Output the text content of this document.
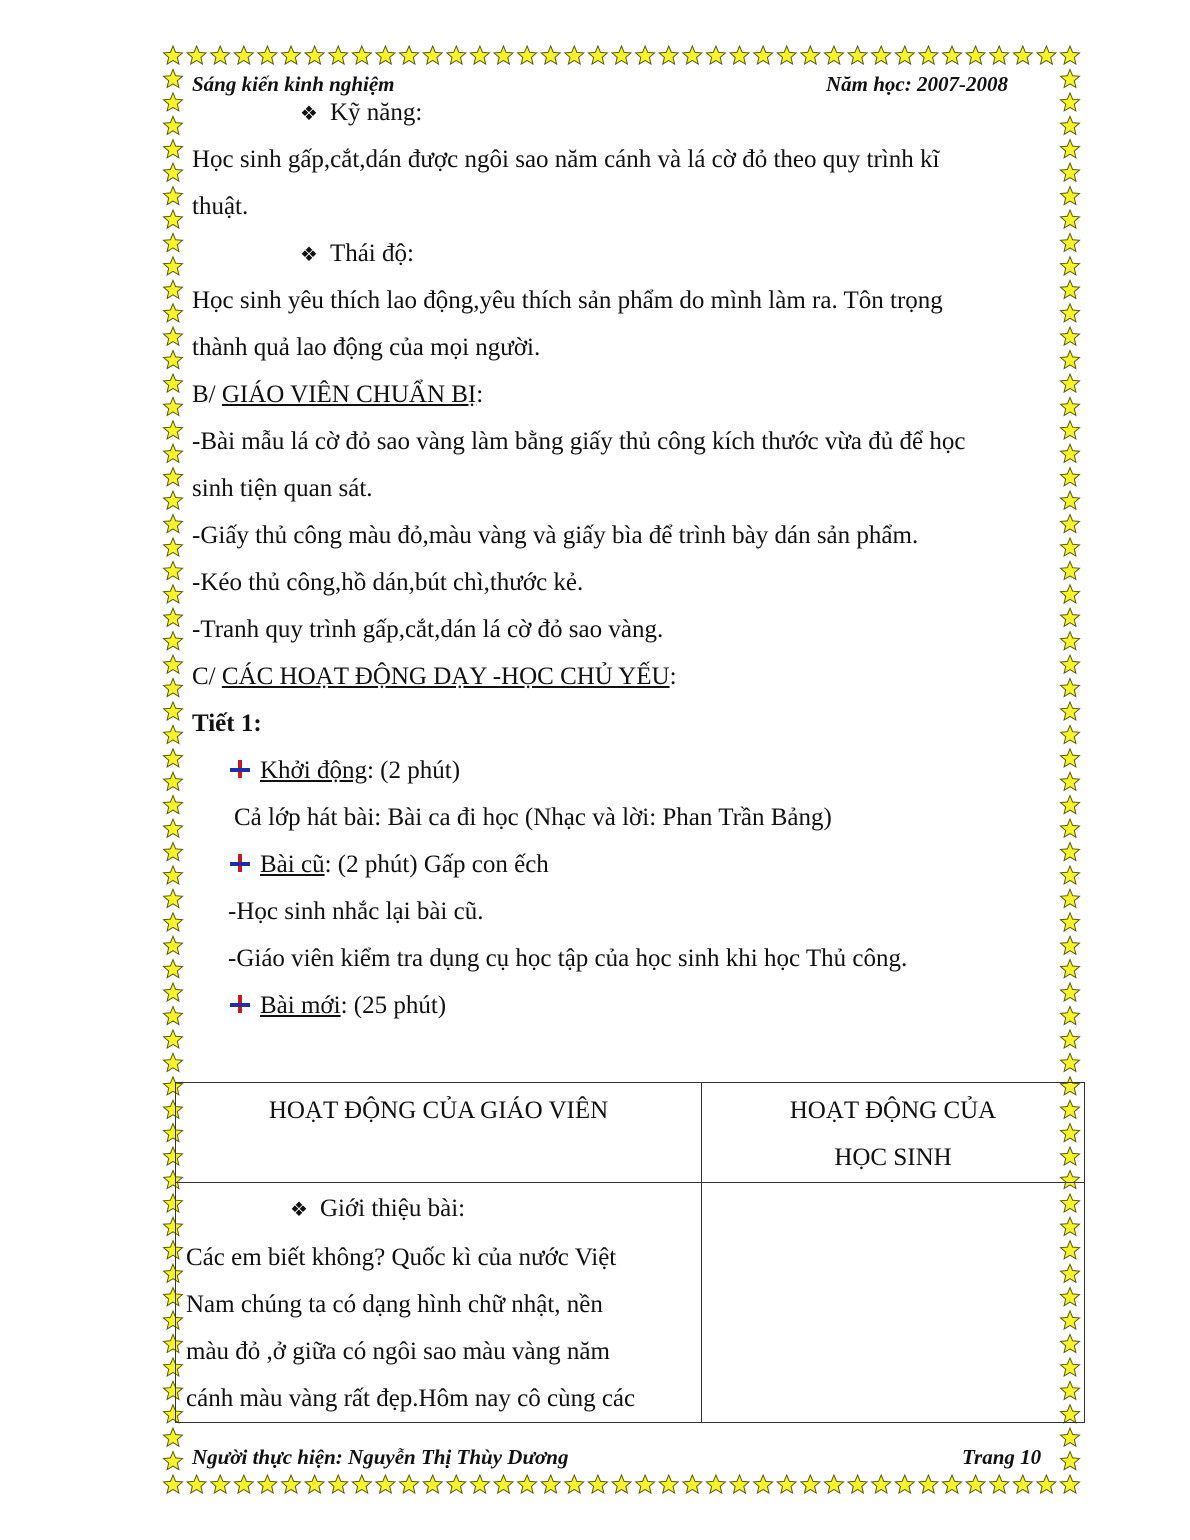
Sáng kiến kinh nghiệm	Năm học: 2007-2008
❖ Kỹ năng:
Học sinh gấp,cắt,dán được ngôi sao năm cánh và lá cờ đỏ theo quy trình kĩ
thuật.
❖ Thái độ:
Học sinh yêu thích lao động,yêu thích sản phẩm do mình làm ra. Tôn trọng
thành quả lao động của mọi người.
B/ GIÁO VIÊN CHUẨN BỊ:
-Bài mẫu lá cờ đỏ sao vàng làm bằng giấy thủ công kích thước vừa đủ để học
sinh tiện quan sát.
-Giấy thủ công màu đỏ,màu vàng và giấy bìa để trình bày dán sản phẩm.
-Kéo thủ công,hồ dán,bút chì,thước kẻ.
-Tranh quy trình gấp,cắt,dán lá cờ đỏ sao vàng.
C/ CÁC HOẠT ĐỘNG DẠY -HỌC CHỦ YẾU:
Tiết 1:
Khởi động: (2 phút)
Cả lớp hát bài: Bài ca đi học (Nhạc và lời: Phan Trần Bảng)
Bài cũ: (2 phút) Gấp con ếch
-Học sinh nhắc lại bài cũ.
-Giáo viên kiểm tra dụng cụ học tập của học sinh khi học Thủ công.
Bài mới: (25 phút)
HOẠT ĐỘNG CỦA GIÁO VIÊN	HOẠT ĐỘNG CỦA
HỌC SINH

❖ Giới thiệu bài:
Các em biết không? Quốc kì của nước Việt
Nam chúng ta có dạng hình chữ nhật, nền
màu đỏ ,ở giữa có ngôi sao màu vàng năm
cánh màu vàng rất đẹp.Hôm nay cô cùng các	

Người thực hiện: Nguyễn Thị Thùy Dương	Trang 10
